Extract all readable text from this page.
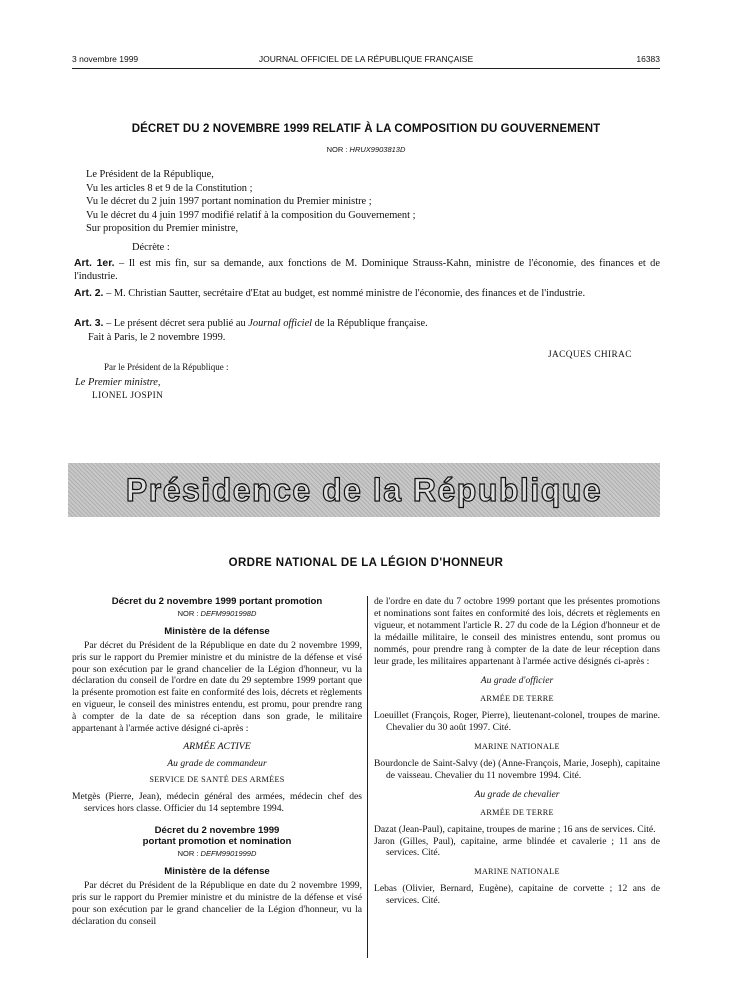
3 novembre 1999	JOURNAL OFFICIEL DE LA RÉPUBLIQUE FRANÇAISE	16383
DÉCRET DU 2 NOVEMBRE 1999 RELATIF À LA COMPOSITION DU GOUVERNEMENT
NOR : HRUX9903813D
Le Président de la République,
Vu les articles 8 et 9 de la Constitution ;
Vu le décret du 2 juin 1997 portant nomination du Premier ministre ;
Vu le décret du 4 juin 1997 modifié relatif à la composition du Gouvernement ;
Sur proposition du Premier ministre,
Décrète :
Art. 1er. – Il est mis fin, sur sa demande, aux fonctions de M. Dominique Strauss-Kahn, ministre de l'économie, des finances et de l'industrie.
Art. 2. – M. Christian Sautter, secrétaire d'Etat au budget, est nommé ministre de l'économie, des finances et de l'industrie.
Art. 3. – Le présent décret sera publié au Journal officiel de la République française.
Fait à Paris, le 2 novembre 1999.
JACQUES CHIRAC
Par le Président de la République :
Le Premier ministre,
LIONEL JOSPIN
Présidence de la République
ORDRE NATIONAL DE LA LÉGION D'HONNEUR
Décret du 2 novembre 1999 portant promotion
NOR : DEFM9901998D
Ministère de la défense
Par décret du Président de la République en date du 2 novembre 1999, pris sur le rapport du Premier ministre et du ministre de la défense et visé pour son exécution par le grand chancelier de la Légion d'honneur, vu la déclaration du conseil de l'ordre en date du 29 septembre 1999 portant que la présente promotion est faite en conformité des lois, décrets et règlements en vigueur, le conseil des ministres entendu, est promu, pour prendre rang à compter de la date de sa réception dans son grade, le militaire appartenant à l'armée active désigné ci-après :
ARMÉE ACTIVE
Au grade de commandeur
SERVICE DE SANTÉ DES ARMÉES
Metgès (Pierre, Jean), médecin général des armées, médecin chef des services hors classe. Officier du 14 septembre 1994.
Décret du 2 novembre 1999
portant promotion et nomination
NOR : DEFM9901999D
Ministère de la défense
Par décret du Président de la République en date du 2 novembre 1999, pris sur le rapport du Premier ministre et du ministre de la défense et visé pour son exécution par le grand chancelier de la Légion d'honneur, vu la déclaration du conseil
de l'ordre en date du 7 octobre 1999 portant que les présentes promotions et nominations sont faites en conformité des lois, décrets et règlements en vigueur, et notamment l'article R. 27 du code de la Légion d'honneur et de la médaille militaire, le conseil des ministres entendu, sont promus ou nommés, pour prendre rang à compter de la date de leur réception dans leur grade, les militaires appartenant à l'armée active désignés ci-après :
Au grade d'officier
ARMÉE DE TERRE
Loeuillet (François, Roger, Pierre), lieutenant-colonel, troupes de marine. Chevalier du 30 août 1997. Cité.
MARINE NATIONALE
Bourdoncle de Saint-Salvy (de) (Anne-François, Marie, Joseph), capitaine de vaisseau. Chevalier du 11 novembre 1994. Cité.
Au grade de chevalier
ARMÉE DE TERRE
Dazat (Jean-Paul), capitaine, troupes de marine ; 16 ans de services. Cité.
Jaron (Gilles, Paul), capitaine, arme blindée et cavalerie ; 11 ans de services. Cité.
MARINE NATIONALE
Lebas (Olivier, Bernard, Eugène), capitaine de corvette ; 12 ans de services. Cité.
